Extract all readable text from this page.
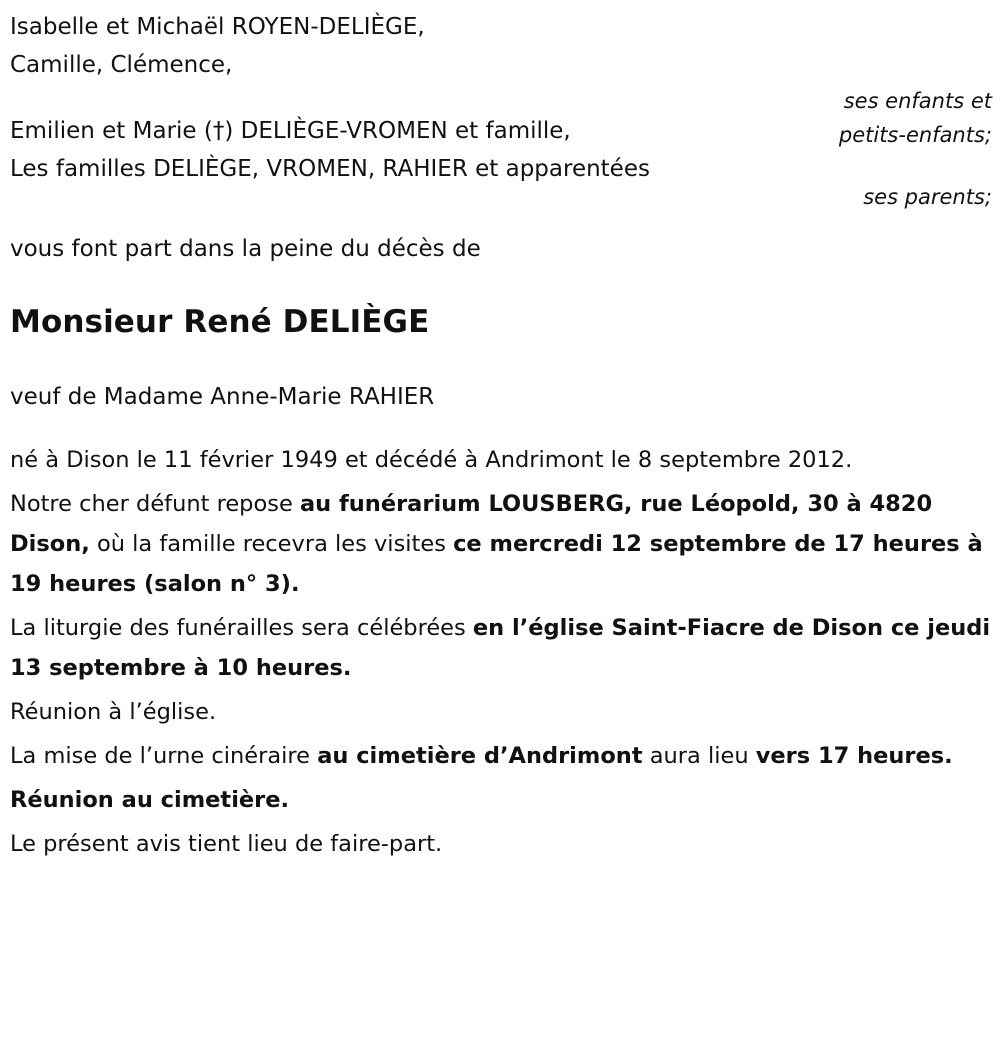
Isabelle et Michaël ROYEN-DELIÈGE,
Camille, Clémence,
Emilien et Marie (†) DELIÈGE-VROMEN et famille,
Les familles DELIÈGE, VROMEN, RAHIER et apparentées
ses enfants et
petits-enfants;
ses parents;
vous font part dans la peine du décès de
Monsieur René DELIÈGE
veuf de Madame Anne-Marie RAHIER
né à Dison le 11 février 1949 et décédé à Andrimont le 8 septembre 2012.
Notre cher défunt repose au funérarium LOUSBERG, rue Léopold, 30 à 4820 Dison, où la famille recevra les visites ce mercredi 12 septembre de 17 heures à 19 heures (salon n° 3).
La liturgie des funérailles sera célébrées en l’église Saint-Fiacre de Dison ce jeudi 13 septembre à 10 heures.
Réunion à l’église.
La mise de l’urne cinéraire au cimetière d’Andrimont aura lieu vers 17 heures.
Réunion au cimetière.
Le présent avis tient lieu de faire-part.
